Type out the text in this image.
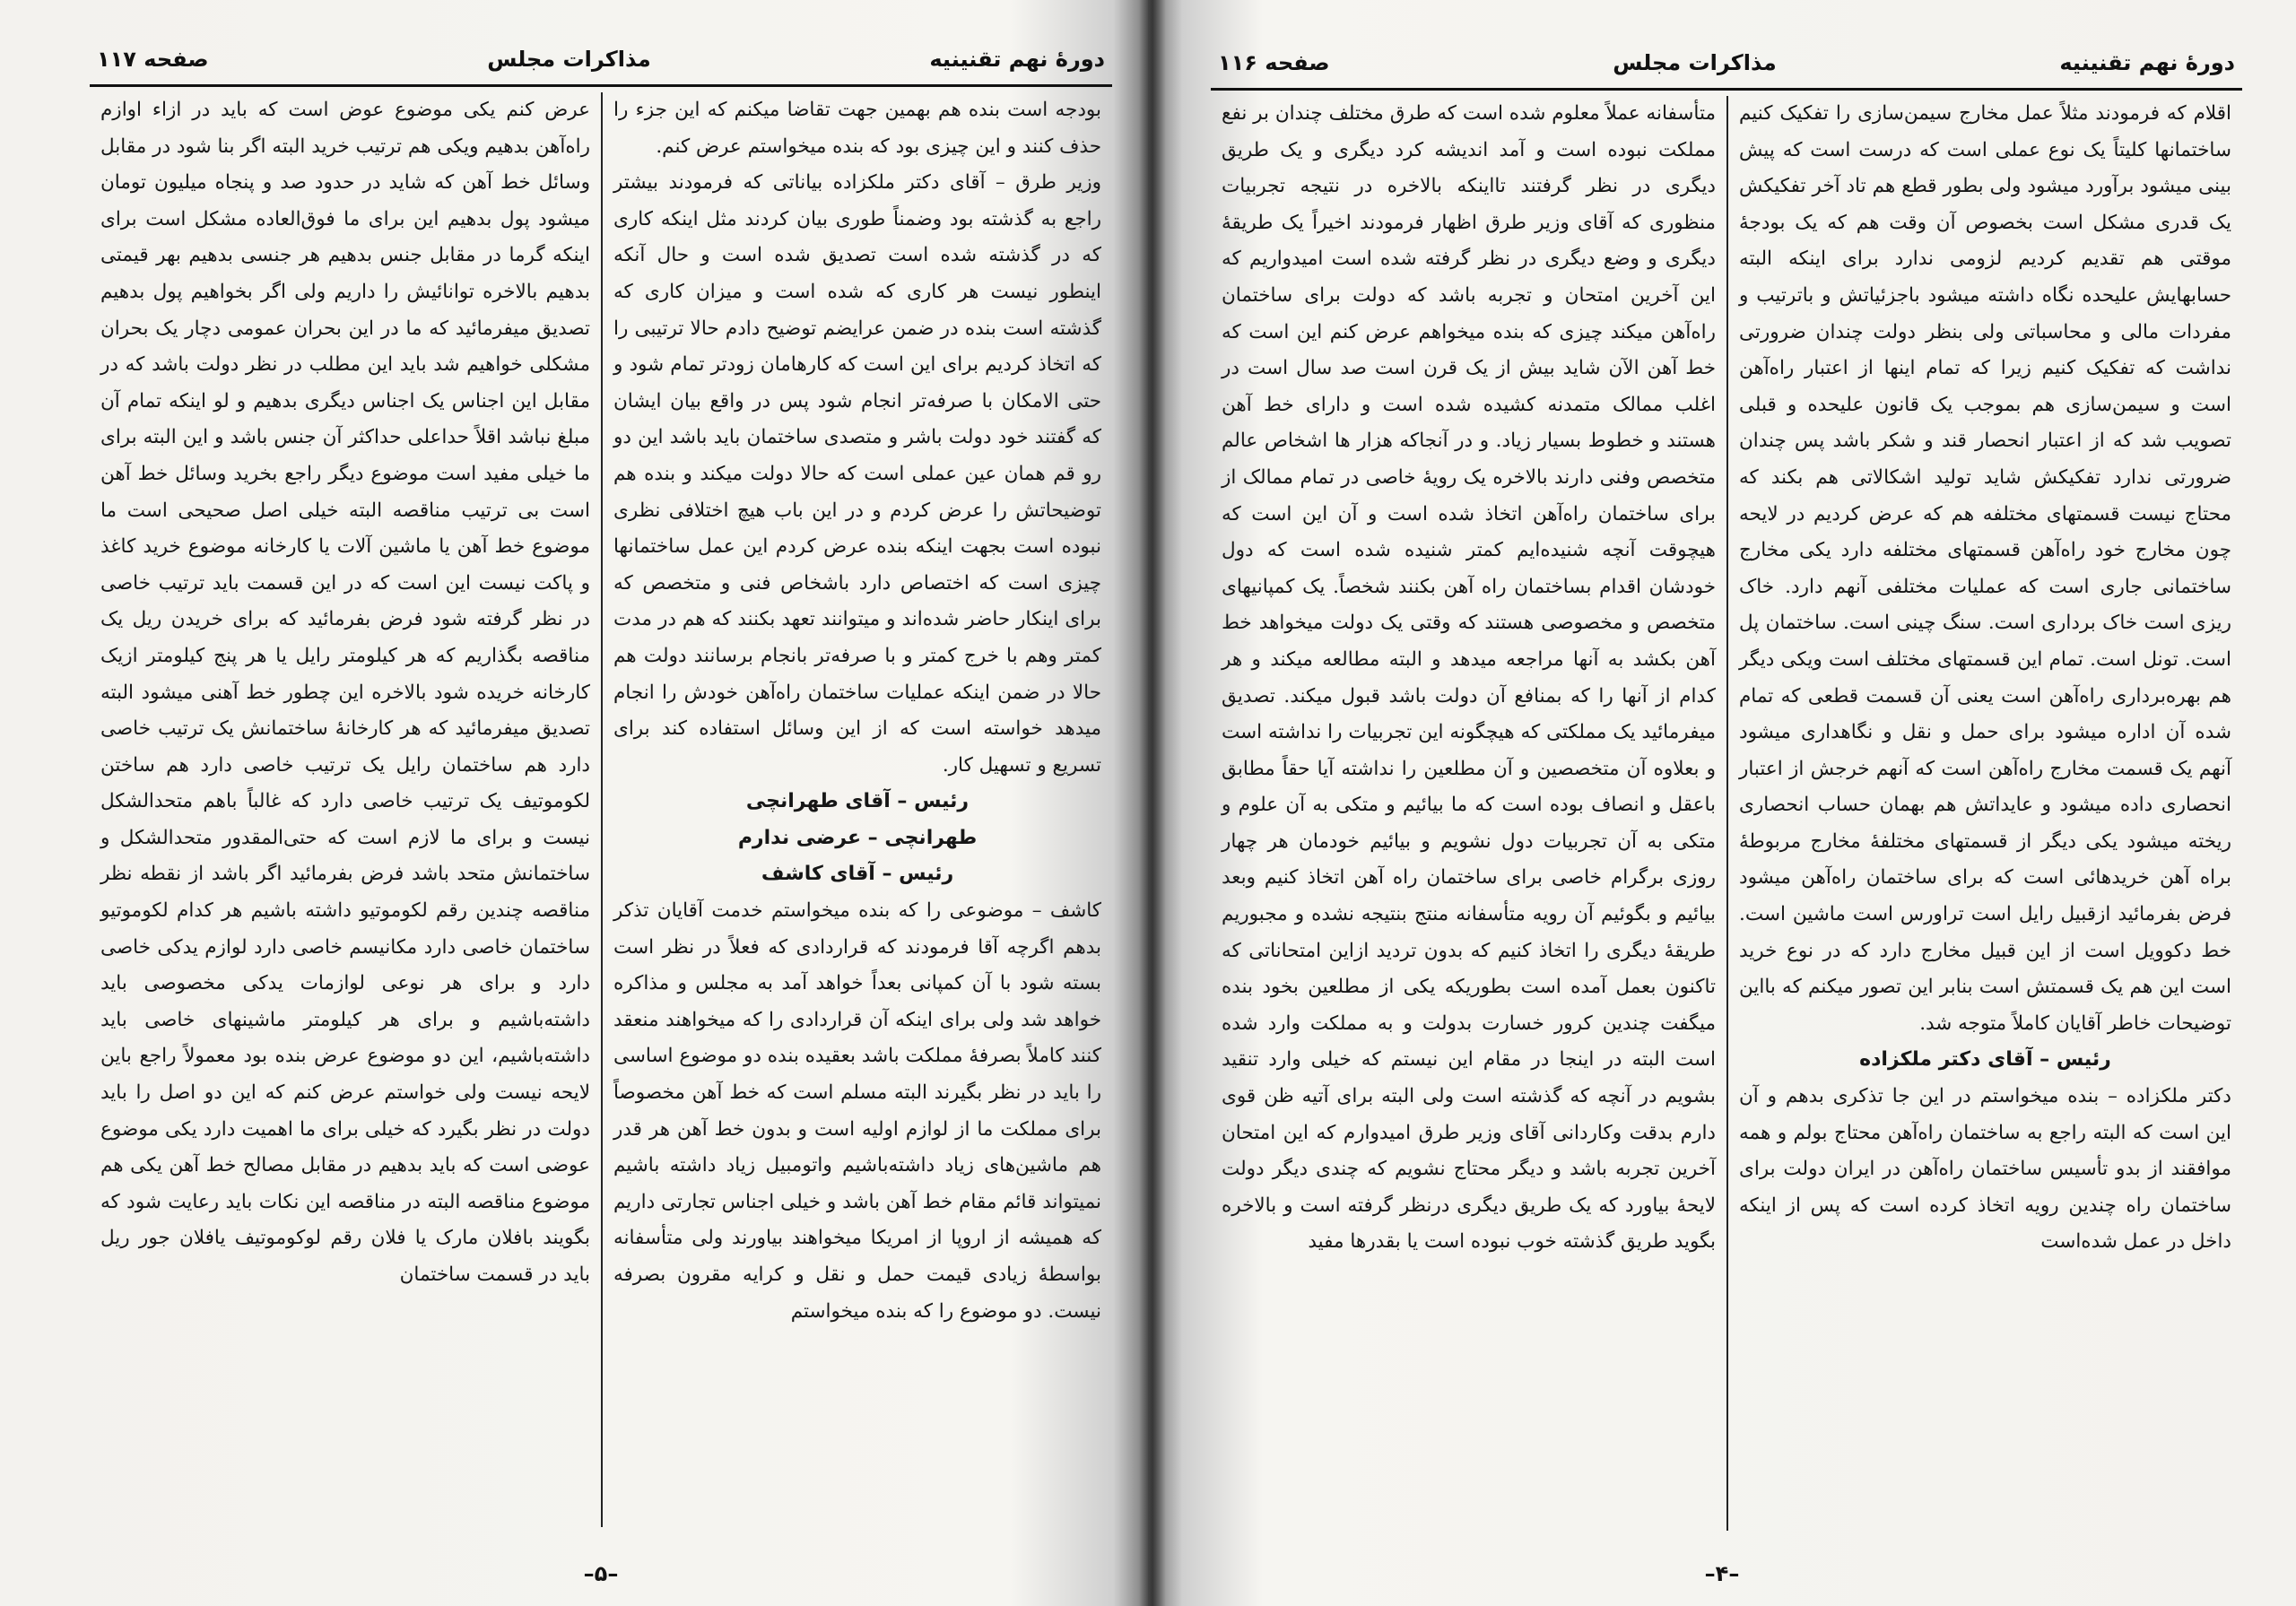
دورهٔ نهم تقنینیه
مذاکرات مجلس
صفحه ۱۱۷

بودجه است بنده هم بهمین جهت تقاضا میکنم که این جزء را حذف کنند و این چیزی بود که بنده میخواستم عرض کنم.

وزیر طرق – آقای دکتر ملکزاده بیاناتی که فرمودند بیشتر راجع به گذشته بود وضمناً طوری بیان کردند مثل اینکه کاری که در گذشته شده است تصدیق شده است و حال آنکه اینطور نیست هر کاری که شده است و میزان کاری که گذشته است بنده در ضمن عرایضم توضیح دادم حالا ترتیبی را که اتخاذ کردیم برای این است که کارهامان زودتر تمام شود و حتی الامکان با صرفه‌تر انجام شود پس در واقع بیان ایشان که گفتند خود دولت باشر و متصدی ساختمان باید باشد این دو رو قم همان عین عملی است که حالا دولت میکند و بنده هم توضیحاتش را عرض کردم و در این باب هیچ اختلافی نظری نبوده است بجهت اینکه بنده عرض کردم این عمل ساختمانها چیزی است که اختصاص دارد باشخاص فنی و متخصص که برای اینکار حاضر شده‌اند و میتوانند تعهد بکنند که هم در مدت کمتر وهم با خرج کمتر و با صرفه‌تر بانجام برسانند دولت هم حالا در ضمن اینکه عملیات ساختمان راه‌آهن خودش را انجام میدهد خواسته است که از این وسائل استفاده کند برای تسریع و تسهیل کار.

رئیس – آقای طهرانچی

طهرانچی – عرضی ندارم

رئیس – آقای کاشف

کاشف – موضوعی را که بنده میخواستم خدمت آقایان تذکر بدهم اگرچه آقا فرمودند که قراردادی که فعلاً در نظر است بسته شود با آن کمپانی بعداً خواهد آمد به مجلس و مذاکره خواهد شد ولی برای اینکه آن قراردادی را که میخواهند منعقد کنند کاملاً بصرفهٔ مملکت باشد بعقیده بنده دو موضوع اساسی را باید در نظر بگیرند البته مسلم است که خط آهن مخصوصاً برای مملکت ما از لوازم اولیه است و بدون خط آهن هر قدر هم ماشین‌های زیاد داشته‌باشیم واتومبیل زیاد داشته باشیم نمیتواند قائم مقام خط آهن باشد و خیلی اجناس تجارتی داریم که همیشه از اروپا از امریکا میخواهند بیاورند ولی متأسفانه بواسطهٔ زیادی قیمت حمل و نقل و کرایه مقرون بصرفه نیست. دو موضوع را که بنده میخواستم

عرض کنم یکی موضوع عوض است که باید در ازاء اوازم راه‌آهن بدهیم ویکی هم ترتیب خرید البته اگر بنا شود در مقابل وسائل خط آهن که شاید در حدود صد و پنجاه میلیون تومان میشود پول بدهیم این برای ما فوق‌العاده مشکل است برای اینکه گرما در مقابل جنس بدهیم هر جنسی بدهیم بهر قیمتی بدهیم بالاخره توانائیش را داریم ولی اگر بخواهیم پول بدهیم تصدیق میفرمائید که ما در این بحران عمومی دچار یک بحران مشکلی خواهیم شد باید این مطلب در نظر دولت باشد که در مقابل این اجناس یک اجناس دیگری بدهیم و لو اینکه تمام آن مبلغ نباشد اقلاً حداعلی حداکثر آن جنس باشد و این البته برای ما خیلی مفید است موضوع دیگر راجع بخرید وسائل خط آهن است بی ترتیب مناقصه البته خیلی اصل صحیحی است ما موضوع خط آهن یا ماشین آلات یا کارخانه موضوع خرید کاغذ و پاکت نیست این است که در این قسمت باید ترتیب خاصی در نظر گرفته شود فرض بفرمائید که برای خریدن ریل یک مناقصه بگذاریم که هر کیلومتر رایل یا هر پنج کیلومتر ازیک کارخانه خریده شود بالاخره این چطور خط آهنی میشود البته تصدیق میفرمائید که هر کارخانهٔ ساختمانش یک ترتیب خاصی دارد هم ساختمان رایل یک ترتیب خاصی دارد هم ساختن لکوموتیف یک ترتیب خاصی دارد که غالباً باهم متحدالشکل نیست و برای ما لازم است که حتی‌المقدور متحدالشکل و ساختمانش متحد باشد فرض بفرمائید اگر باشد از نقطه نظر مناقصه چندین رقم لکوموتیو داشته باشیم هر کدام لکوموتیو ساختمان خاصی دارد مکانیسم خاصی دارد لوازم یدکی خاصی دارد و برای هر نوعی لوازمات یدکی مخصوصی باید داشته‌باشیم و برای هر کیلومتر ماشینهای خاصی باید داشته‌باشیم، این دو موضوع عرض بنده بود معمولاً راجع باین لایحه نیست ولی خواستم عرض کنم که این دو اصل را باید دولت در نظر بگیرد که خیلی برای ما اهمیت دارد یکی موضوع عوضی است که باید بدهیم در مقابل مصالح خط آهن یکی هم موضوع مناقصه البته در مناقصه این نکات باید رعایت شود که بگویند بافلان مارک یا فلان رقم لوکوموتیف یافلان جور ریل باید در قسمت ساختمان

–۵–
دورهٔ نهم تقنینیه
مذاکرات مجلس
صفحه ۱۱۶

اقلام که فرمودند مثلاً عمل مخارج سیمن‌سازی را تفکیک کنیم ساختمانها کلیتاً یک نوع عملی است که درست است که پیش بینی میشود برآورد میشود ولی بطور قطع هم تاد آخر تفکیکش یک قدری مشکل است بخصوص آن وقت هم که یک بودجهٔ موقتی هم تقدیم کردیم لزومی ندارد برای اینکه البته حسابهایش علیحده نگاه داشته میشود باجزئیاتش و باترتیب و مفردات مالی و محاسباتی ولی بنظر دولت چندان ضرورتی نداشت که تفکیک کنیم زیرا که تمام اینها از اعتبار راه‌آهن است و سیمن‌سازی هم بموجب یک قانون علیحده و قبلی تصویب شد که از اعتبار انحصار قند و شکر باشد پس چندان ضرورتی ندارد تفکیکش شاید تولید اشکالاتی هم بکند که محتاج نیست قسمتهای مختلفه هم که عرض کردیم در لایحه چون مخارج خود راه‌آهن قسمتهای مختلفه دارد یکی مخارج ساختمانی جاری است که عملیات مختلفی آنهم دارد. خاک ریزی است خاک برداری است. سنگ چینی است. ساختمان پل است. تونل است. تمام این قسمتهای مختلف است ویکی دیگر هم بهره‌برداری راه‌آهن است یعنی آن قسمت قطعی که تمام شده آن اداره میشود برای حمل و نقل و نگاهداری میشود آنهم یک قسمت مخارج راه‌آهن است که آنهم خرجش از اعتبار انحصاری داده میشود و عایداتش هم بهمان حساب انحصاری ریخته میشود یکی دیگر از قسمتهای مختلفهٔ مخارج مربوطهٔ براه آهن خریدهائی است که برای ساختمان راه‌آهن میشود فرض بفرمائید ازقبیل رایل است تراورس است ماشین است. خط دکوویل است از این قبیل مخارج دارد که در نوع خرید است این هم یک قسمتش است بنابر این تصور میکنم که بااین توضیحات خاطر آقایان کاملاً متوجه شد.

رئیس – آقای دکتر ملکزاده

دکتر ملکزاده – بنده میخواستم در این جا تذکری بدهم و آن این است که البته راجع به ساختمان راه‌آهن محتاج بولم و همه موافقند از بدو تأسیس ساختمان راه‌آهن در ایران دولت برای ساختمان راه چندین رویه اتخاذ کرده است که پس از اینکه داخل در عمل شده‌است

متأسفانه عملاً معلوم شده است که طرق مختلف چندان بر نفع مملکت نبوده است و آمد اندیشه کرد دیگری و یک طریق دیگری در نظر گرفتند تااینکه بالاخره در نتیجه تجربیات منظوری که آقای وزیر طرق اظهار فرمودند اخیراً یک طریقهٔ دیگری و وضع دیگری در نظر گرفته شده است امیدواریم که این آخرین امتحان و تجربه باشد که دولت برای ساختمان راه‌آهن میکند چیزی که بنده میخواهم عرض کنم این است که خط آهن الآن شاید بیش از یک قرن است صد سال است در اغلب ممالک متمدنه کشیده شده است و دارای خط آهن هستند و خطوط بسیار زیاد. و در آنجاکه هزار ها اشخاص عالم متخصص وفنی دارند بالاخره یک رویهٔ خاصی در تمام ممالک از برای ساختمان راه‌آهن اتخاذ شده است و آن این است که هیچوقت آنچه شنیده‌ایم کمتر شنیده شده است که دول خودشان اقدام بساختمان راه آهن بکنند شخصاً. یک کمپانیهای متخصص و مخصوصی هستند که وقتی یک دولت میخواهد خط آهن بکشد به آنها مراجعه میدهد و البته مطالعه میکند و هر کدام از آنها را که بمنافع آن دولت باشد قبول میکند. تصدیق میفرمائید یک مملکتی که هیچگونه این تجربیات را نداشته است و بعلاوه آن متخصصین و آن مطلعین را نداشته آیا حقاً مطابق باعقل و انصاف بوده است که ما بیائیم و متکی به آن علوم و متکی به آن تجربیات دول نشویم و بیائیم خودمان هر چهار روزی برگرام خاصی برای ساختمان راه آهن اتخاذ کنیم وبعد بیائیم و بگوئیم آن رویه متأسفانه منتج بنتیجه نشده و مجبوریم طریقهٔ دیگری را اتخاذ کنیم که بدون تردید ازاین امتحاناتی که تاکنون بعمل آمده است بطوریکه یکی از مطلعین بخود بنده میگفت چندین کرور خسارت بدولت و به مملکت وارد شده است البته در اینجا در مقام این نیستم که خیلی وارد تنقید بشویم در آنچه که گذشته است ولی البته برای آتیه ظن قوی دارم بدقت وکاردانی آقای وزیر طرق امیدوارم که این امتحان آخرین تجربه باشد و دیگر محتاج نشویم که چندی دیگر دولت لایحهٔ بیاورد که یک طریق دیگری درنظر گرفته است و بالاخره بگوید طریق گذشته خوب نبوده است یا بقدرها مفید

–۴–
